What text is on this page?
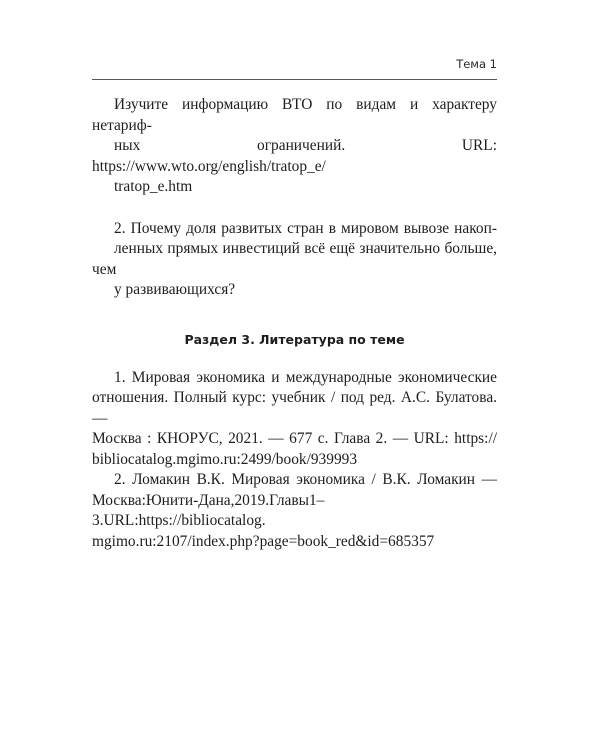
Тема 1

Изучите информацию ВТО по видам и характеру нетариф-
ных ограничений. URL: https://www.wto.org/english/tratop_e/
tratop_e.htm

2. Почему доля развитых стран в мировом вывозе накоп-
ленных прямых инвестиций всё ещё значительно больше, чем
у развивающихся?

Раздел 3. Литература по теме

1. Мировая экономика и международные экономические
отношения. Полный курс: учебник / под ред. А.С. Булатова. —
Москва : КНОРУС, 2021. — 677 с. Глава 2. — URL: https://
bibliocatalog.mgimo.ru:2499/book/939993

2. Ломакин В.К. Мировая экономика / В.К. Ломакин —
Москва:Юнити-Дана,2019.Главы1–3.URL:https://bibliocatalog.
mgimo.ru:2107/index.php?page=book_red&id=685357
